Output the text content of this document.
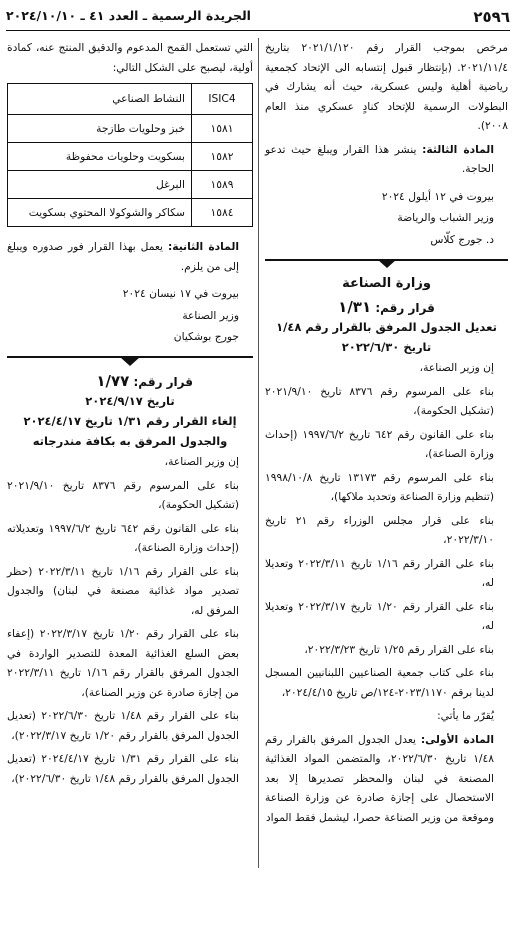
٢٥٩٦
الجريدة الرسمية ـ العدد ٤١ ـ ٢٠٢٤/١٠/١٠

مرخص بموجب القرار رقم ٢٠٢١/١/١٢٠ بتاريخ ٢٠٢١/١١/٤. (بإنتظار قبول إنتسابه الى الإتحاد كجمعية رياضية أهلية وليس عسكرية، حيث أنه يشارك في البطولات الرسمية للإتحاد كنادٍ عسكري منذ العام ٢٠٠٨).

المادة الثالثة: ينشر هذا القرار ويبلغ حيث تدعو الحاجة.

بيروت في ١٢ أيلول ٢٠٢٤

وزير الشباب والرياضة

د. جورج كلّاس

وزارة الصناعة

قرار رقم: ١/٣١

تعديل الجدول المرفق بالقرار رقم ١/٤٨

تاريخ ٢٠٢٢/٦/٣٠

إن وزير الصناعة،

بناء على المرسوم رقم ٨٣٧٦ تاريخ ٢٠٢١/٩/١٠ (تشكيل الحكومة)،

بناء على القانون رقم ٦٤٢ تاريخ ١٩٩٧/٦/٢ (إحداث وزارة الصناعة)،

بناء على المرسوم رقم ١٣١٧٣ تاريخ ١٩٩٨/١٠/٨ (تنظيم وزارة الصناعة وتحديد ملاكها)،

بناء على قرار مجلس الوزراء رقم ٢١ تاريخ ٢٠٢٢/٣/١٠،

بناء على القرار رقم ١/١٦ تاريخ ٢٠٢٢/٣/١١ وتعديلا له،

بناء على القرار رقم ١/٢٠ تاريخ ٢٠٢٢/٣/١٧ وتعديلا له،

بناء على القرار رقم ١/٢٥ تاريخ ٢٠٢٢/٣/٢٣،

بناء على كتاب جمعية الصناعيين اللبنانيين المسجل لدينا برقم ٢٠٢٣/١١٧٠-١٢٤/ص تاريخ ٢٠٢٤/٤/١٥،

يُقرّر ما يأتي:

المادة الأولى: يعدل الجدول المرفق بالقرار رقم ١/٤٨ تاريخ ٢٠٢٢/٦/٣٠، والمتضمن المواد الغذائية المصنعة في لبنان والمحظر تصديرها إلا بعد الاستحصال على إجازة صادرة عن وزارة الصناعة وموقعة من وزير الصناعة حصرا، ليشمل فقط المواد

التي تستعمل القمح المدعوم والدقيق المنتج عنه، كمادة أولية، ليصبح على الشكل التالي:

ISIC4	النشاط الصناعي
١٥٨١	خبز وحلويات طازجة
١٥٨٢	بسكويت وحلويات محفوظة
١٥٨٩	البرغل
١٥٨٤	سكاكر والشوكولا المحتوي بسكويت

المادة الثانية: يعمل بهذا القرار فور صدوره ويبلغ إلى من يلزم.

بيروت في ١٧ نيسان ٢٠٢٤

وزير الصناعة

جورج بوشكيان

قرار رقم: ١/٧٧

تاريخ ٢٠٢٤/٩/١٧

إلغاء القرار رقم ١/٣١ تاريخ ٢٠٢٤/٤/١٧

والجدول المرفق به بكافة مندرجاته

إن وزير الصناعة،

بناء على المرسوم رقم ٨٣٧٦ تاريخ ٢٠٢١/٩/١٠ (تشكيل الحكومة)،

بناء على القانون رقم ٦٤٢ تاريخ ١٩٩٧/٦/٢ وتعديلاته (إحداث وزارة الصناعة)،

بناء على القرار رقم ١/١٦ تاريخ ٢٠٢٢/٣/١١ (حظر تصدير مواد غذائية مصنعة في لبنان) والجدول المرفق له،

بناء على القرار رقم ١/٢٠ تاريخ ٢٠٢٢/٣/١٧ (إعفاء بعض السلع الغذائية المعدة للتصدير الواردة في الجدول المرفق بالقرار رقم ١/١٦ تاريخ ٢٠٢٢/٣/١١ من إجازة صادرة عن وزير الصناعة)،

بناء على القرار رقم ١/٤٨ تاريخ ٢٠٢٢/٦/٣٠ (تعديل الجدول المرفق بالقرار رقم ١/٢٠ تاريخ ٢٠٢٢/٣/١٧)،

بناء على القرار رقم ١/٣١ تاريخ ٢٠٢٤/٤/١٧ (تعديل الجدول المرفق بالقرار رقم ١/٤٨ تاريخ ٢٠٢٢/٦/٣٠)،
